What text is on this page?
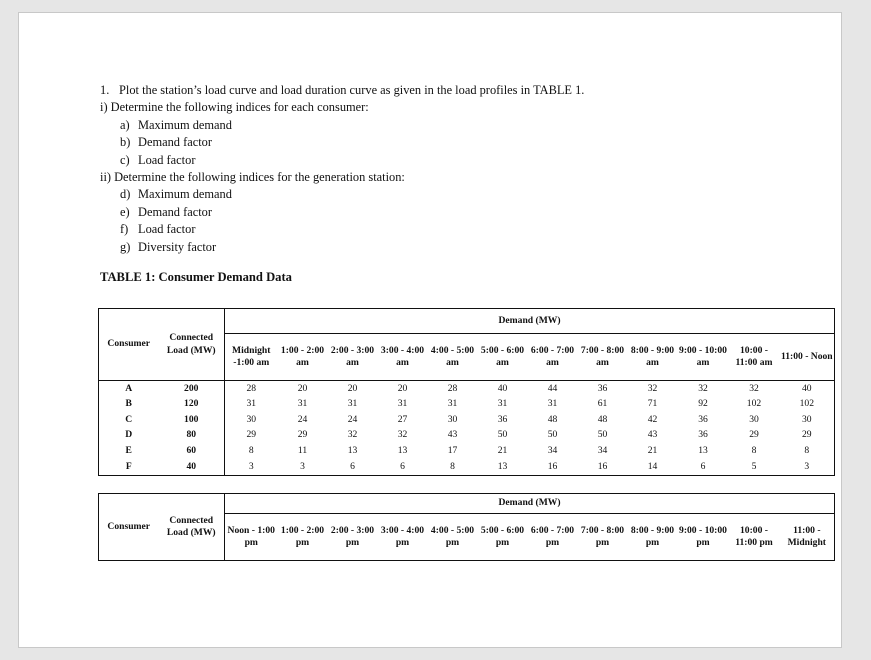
1. Plot the station’s load curve and load duration curve as given in the load profiles in TABLE 1.

i) Determine the following indices for each consumer:

a) Maximum demand

b) Demand factor

c) Load factor

ii) Determine the following indices for the generation station:

d) Maximum demand

e) Demand factor

f) Load factor

g) Diversity factor

TABLE 1: Consumer Demand Data

Consumer	Connected Load (MW)	Demand (MW)											
		Midnight -1:00 am	1:00 - 2:00 am	2:00 - 3:00 am	3:00 - 4:00 am	4:00 - 5:00 am	5:00 - 6:00 am	6:00 - 7:00 am	7:00 - 8:00 am	8:00 - 9:00 am	9:00 - 10:00 am	10:00 - 11:00 am	11:00 - Noon
A	200	28	20	20	20	28	40	44	36	32	32	32	40
B	120	31	31	31	31	31	31	31	61	71	92	102	102
C	100	30	24	24	27	30	36	48	48	42	36	30	30
D	80	29	29	32	32	43	50	50	50	43	36	29	29
E	60	8	11	13	13	17	21	34	34	21	13	8	8
F	40	3	3	6	6	8	13	16	16	14	6	5	3
Consumer	Connected Load (MW)	Demand (MW)											
		Noon - 1:00 pm	1:00 - 2:00 pm	2:00 - 3:00 pm	3:00 - 4:00 pm	4:00 - 5:00 pm	5:00 - 6:00 pm	6:00 - 7:00 pm	7:00 - 8:00 pm	8:00 - 9:00 pm	9:00 - 10:00 pm	10:00 - 11:00 pm	11:00 - Midnight
